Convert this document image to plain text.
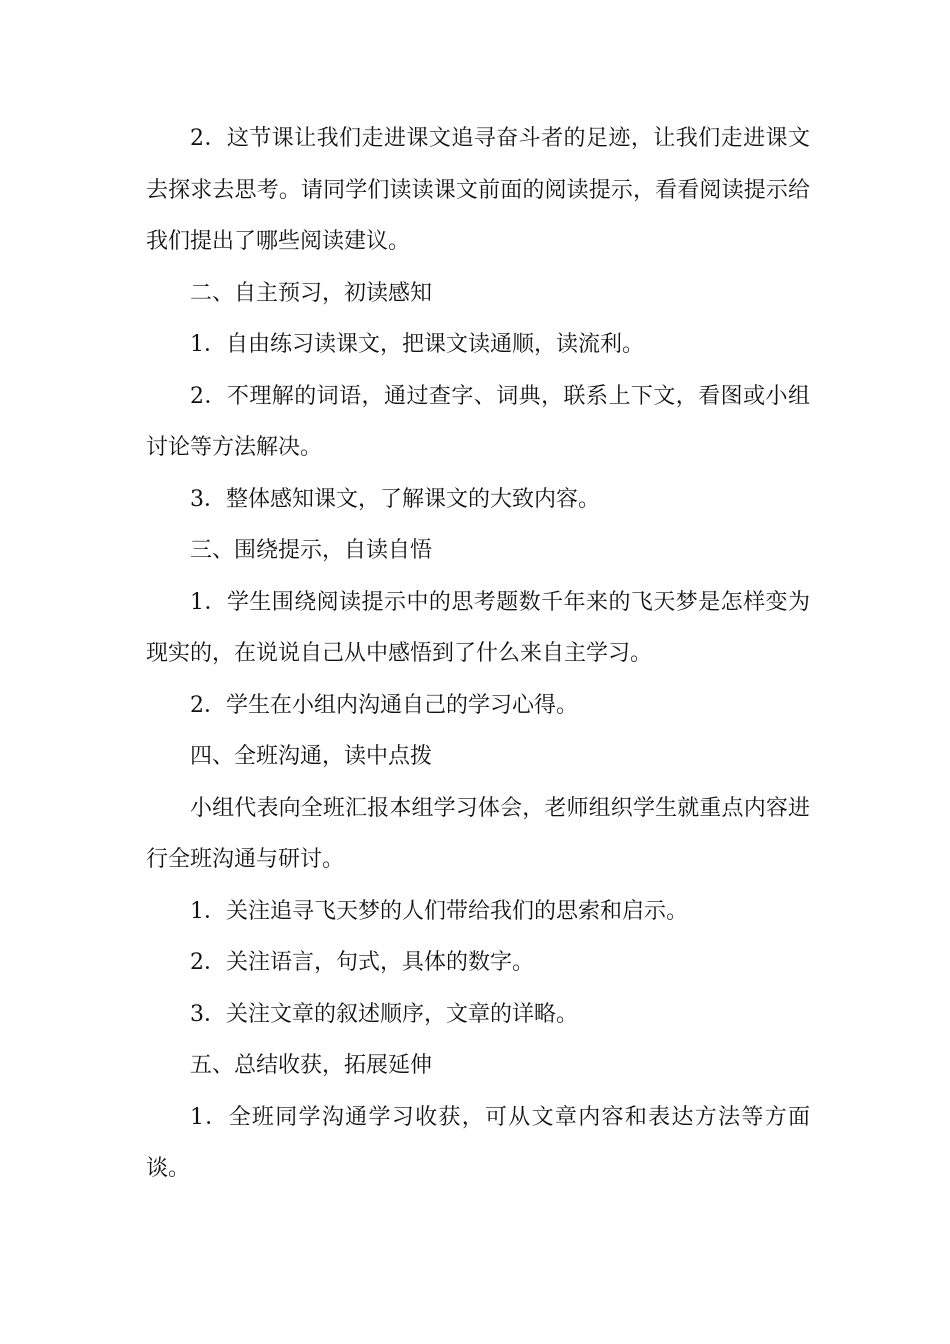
2．这节课让我们走进课文追寻奋斗者的足迹，让我们走进课文去探求去思考。请同学们读读课文前面的阅读提示，看看阅读提示给我们提出了哪些阅读建议。

二、自主预习，初读感知

1．自由练习读课文，把课文读通顺，读流利。

2．不理解的词语，通过查字、词典，联系上下文，看图或小组讨论等方法解决。

3．整体感知课文，了解课文的大致内容。

三、围绕提示，自读自悟

1．学生围绕阅读提示中的思考题数千年来的飞天梦是怎样变为现实的，在说说自己从中感悟到了什么来自主学习。

2．学生在小组内沟通自己的学习心得。

四、全班沟通，读中点拨

小组代表向全班汇报本组学习体会，老师组织学生就重点内容进行全班沟通与研讨。

1．关注追寻飞天梦的人们带给我们的思索和启示。

2．关注语言，句式，具体的数字。

3．关注文章的叙述顺序，文章的详略。

五、总结收获，拓展延伸

1．全班同学沟通学习收获，可从文章内容和表达方法等方面谈。
